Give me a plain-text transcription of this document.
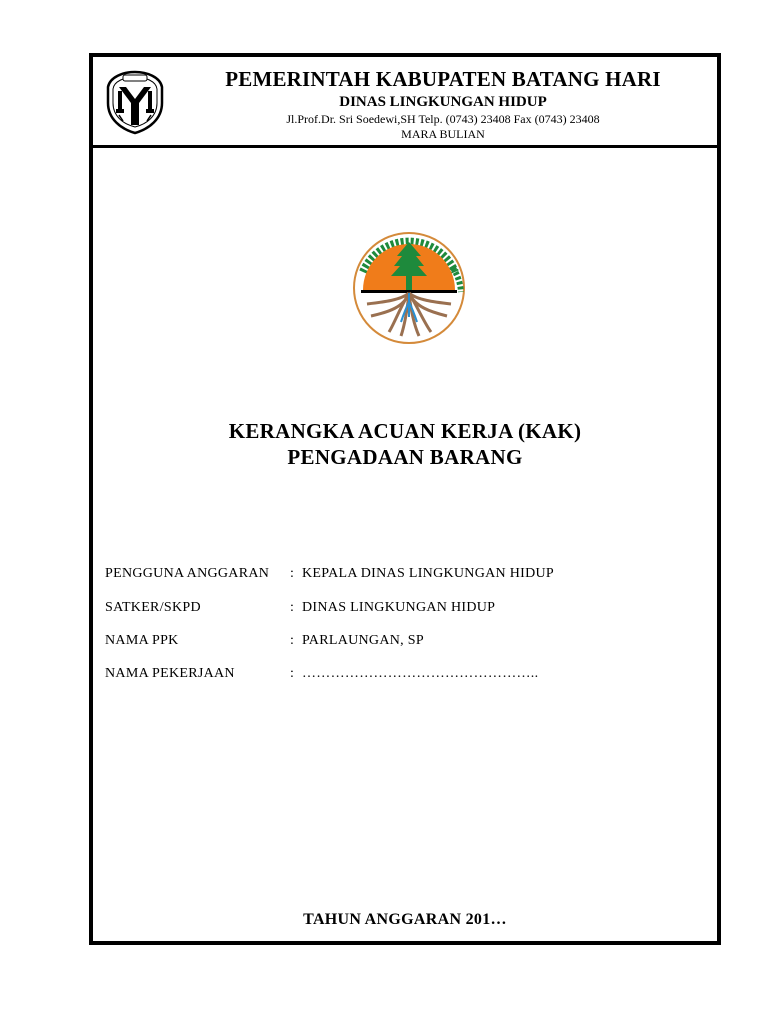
PEMERINTAH KABUPATEN BATANG HARI
DINAS LINGKUNGAN HIDUP
Jl.Prof.Dr. Sri Soedewi,SH Telp. (0743) 23408 Fax (0743) 23408
MARA BULIAN
KERANGKA ACUAN KERJA (KAK)
PENGADAAN BARANG
PENGGUNA ANGGARAN : KEPALA DINAS LINGKUNGAN HIDUP
SATKER/SKPD	: DINAS LINGKUNGAN HIDUP
NAMA PPK	: PARLAUNGAN, SP
NAMA PEKERJAAN	: …………………………………………..
TAHUN ANGGARAN 201…
